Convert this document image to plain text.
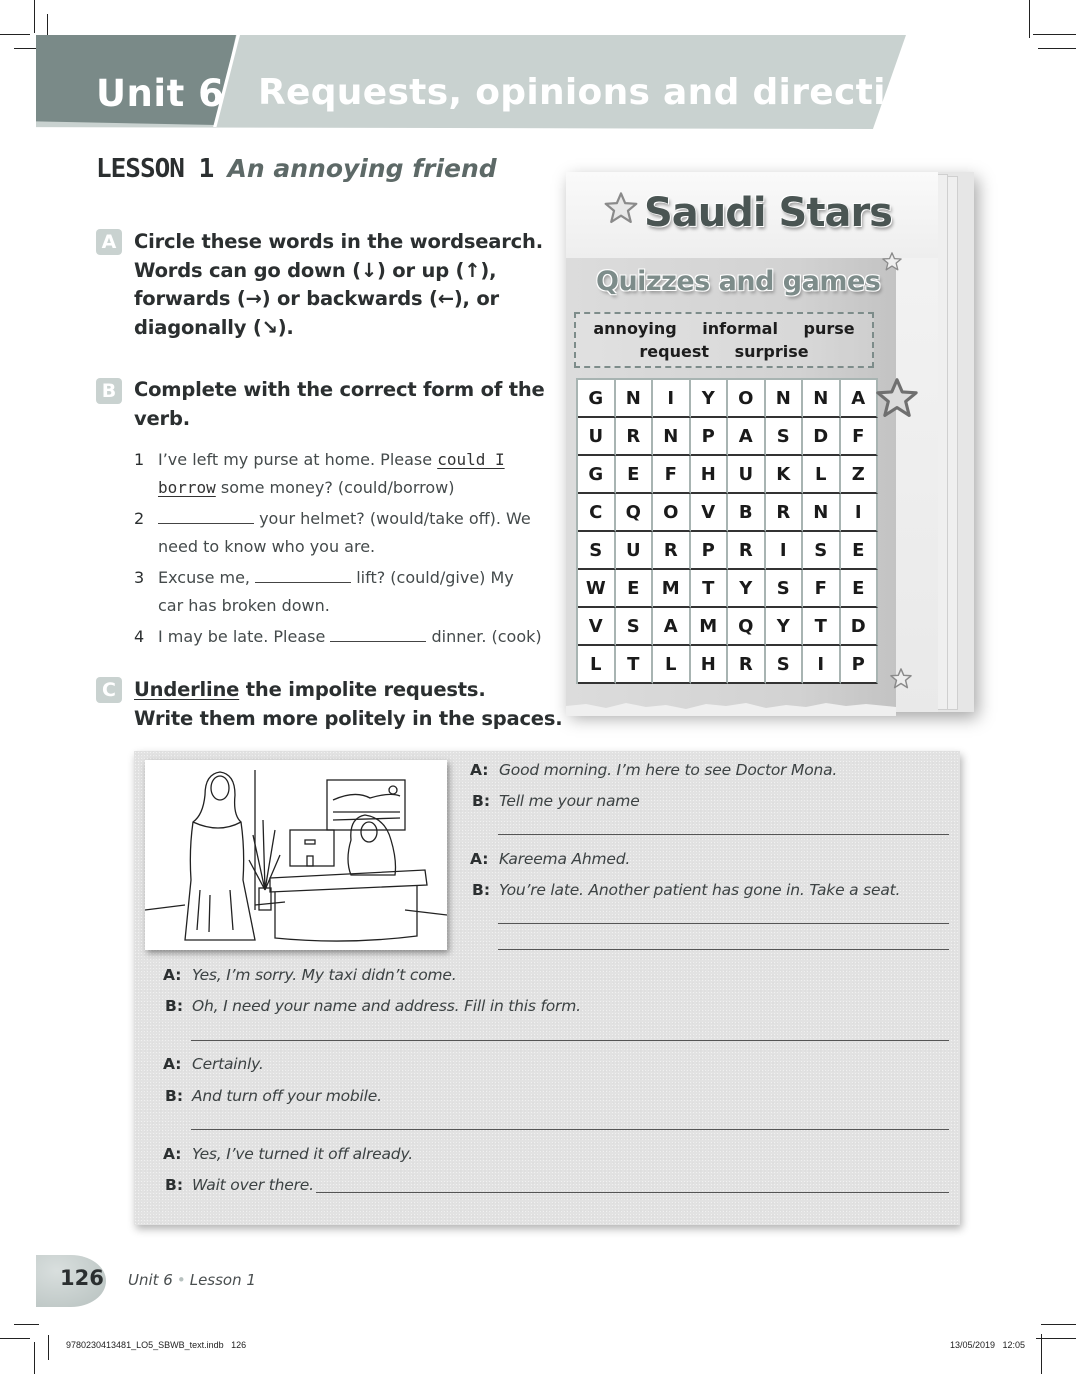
Unit 6 Requests, opinions and directions
LESSON 1 An annoying friend
A Circle these words in the wordsearch.
Words can go down (↓) or up (↑),
forwards (→) or backwards (←), or
diagonally (↘).
B Complete with the correct form of the
verb.
1 I’ve left my purse at home. Please could I
borrow some money? (could/borrow)
2	your helmet? (would/take off). We need to know who you are.
3 Excuse me,	lift? (could/give) My car has broken down.
4 I may be late. Please	dinner. (cook)
C Underline the impolite requests.
Write them more politely in the spaces.
Saudi Stars
Quizzes and games
annoying informal purse
request surprise
G	N	I	Y	O	N	N	A
U	R	N	P	A	S	D	F
G	E	F	H	U	K	L	Z
C	Q	O	V	B	R	N	I
S	U	R	P	R	I	S	E
W	E	M	T	Y	S	F	E
V	S	A	M	Q	Y	T	D
L	T	L	H	R	S	I	P
A: Good morning. I’m here to see Doctor Mona.
B: Tell me your name
A: Kareema Ahmed.
B: You’re late. Another patient has gone in. Take a seat.
A: Yes, I’m sorry. My taxi didn’t come.
B: Oh, I need your name and address. Fill in this form.
A: Certainly.
B: And turn off your mobile.
A: Yes, I’ve turned it off already.
B: Wait over there.
126 Unit 6 • Lesson 1
9780230413481_LO5_SBWB_text.indb   126	13/05/2019   12:05
